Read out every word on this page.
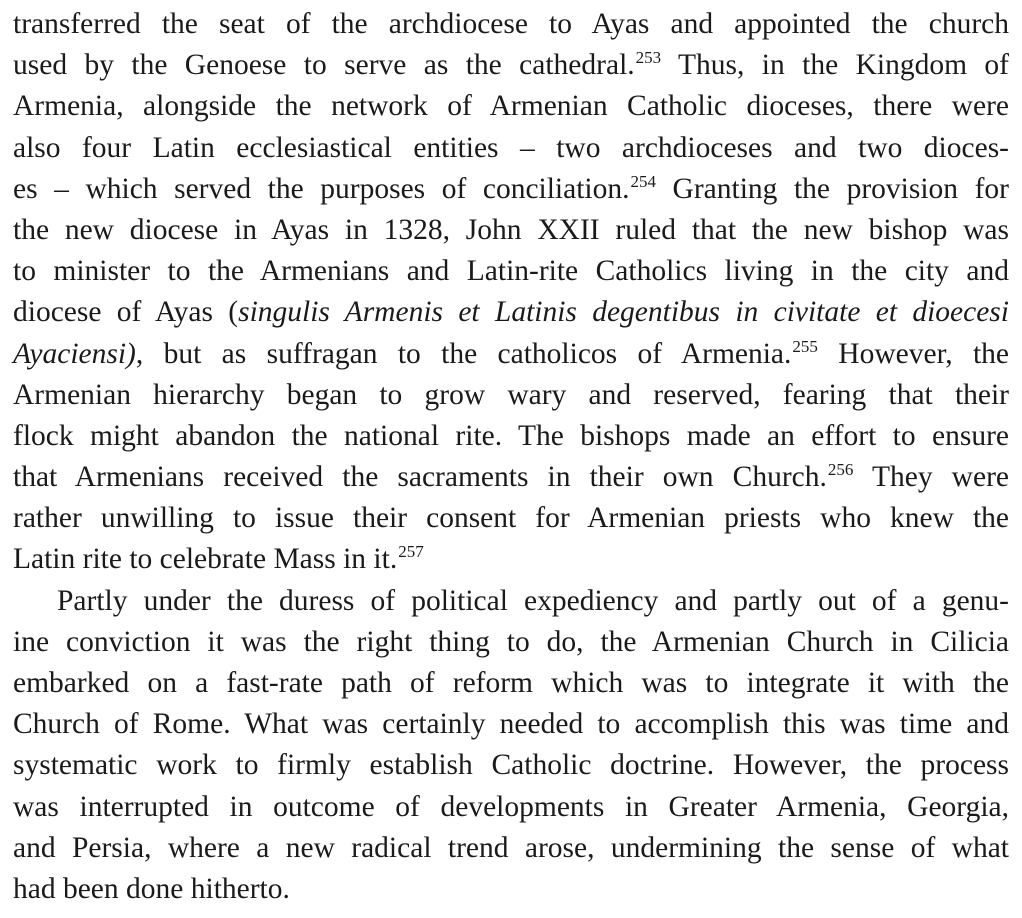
transferred the seat of the archdiocese to Ayas and appointed the church
used by the Genoese to serve as the cathedral.$^{253}$ Thus, in the Kingdom of
Armenia, alongside the network of Armenian Catholic dioceses, there were
also four Latin ecclesiastical entities – two archdioceses and two dioces-
es – which served the purposes of conciliation.$^{254}$ Granting the provision for
the new diocese in Ayas in 1328, John XXII ruled that the new bishop was
to minister to the Armenians and Latin-rite Catholics living in the city and
diocese of Ayas (singulis Armenis et Latinis degentibus in civitate et dioecesi
Ayaciensi), but as suffragan to the catholicos of Armenia.$^{255}$ However, the
Armenian hierarchy began to grow wary and reserved, fearing that their
flock might abandon the national rite. The bishops made an effort to ensure
that Armenians received the sacraments in their own Church.$^{256}$ They were
rather unwilling to issue their consent for Armenian priests who knew the
Latin rite to celebrate Mass in it.$^{257}$
Partly under the duress of political expediency and partly out of a genu-
ine conviction it was the right thing to do, the Armenian Church in Cilicia
embarked on a fast-rate path of reform which was to integrate it with the
Church of Rome. What was certainly needed to accomplish this was time and
systematic work to firmly establish Catholic doctrine. However, the process
was interrupted in outcome of developments in Greater Armenia, Georgia,
and Persia, where a new radical trend arose, undermining the sense of what
had been done hitherto.
